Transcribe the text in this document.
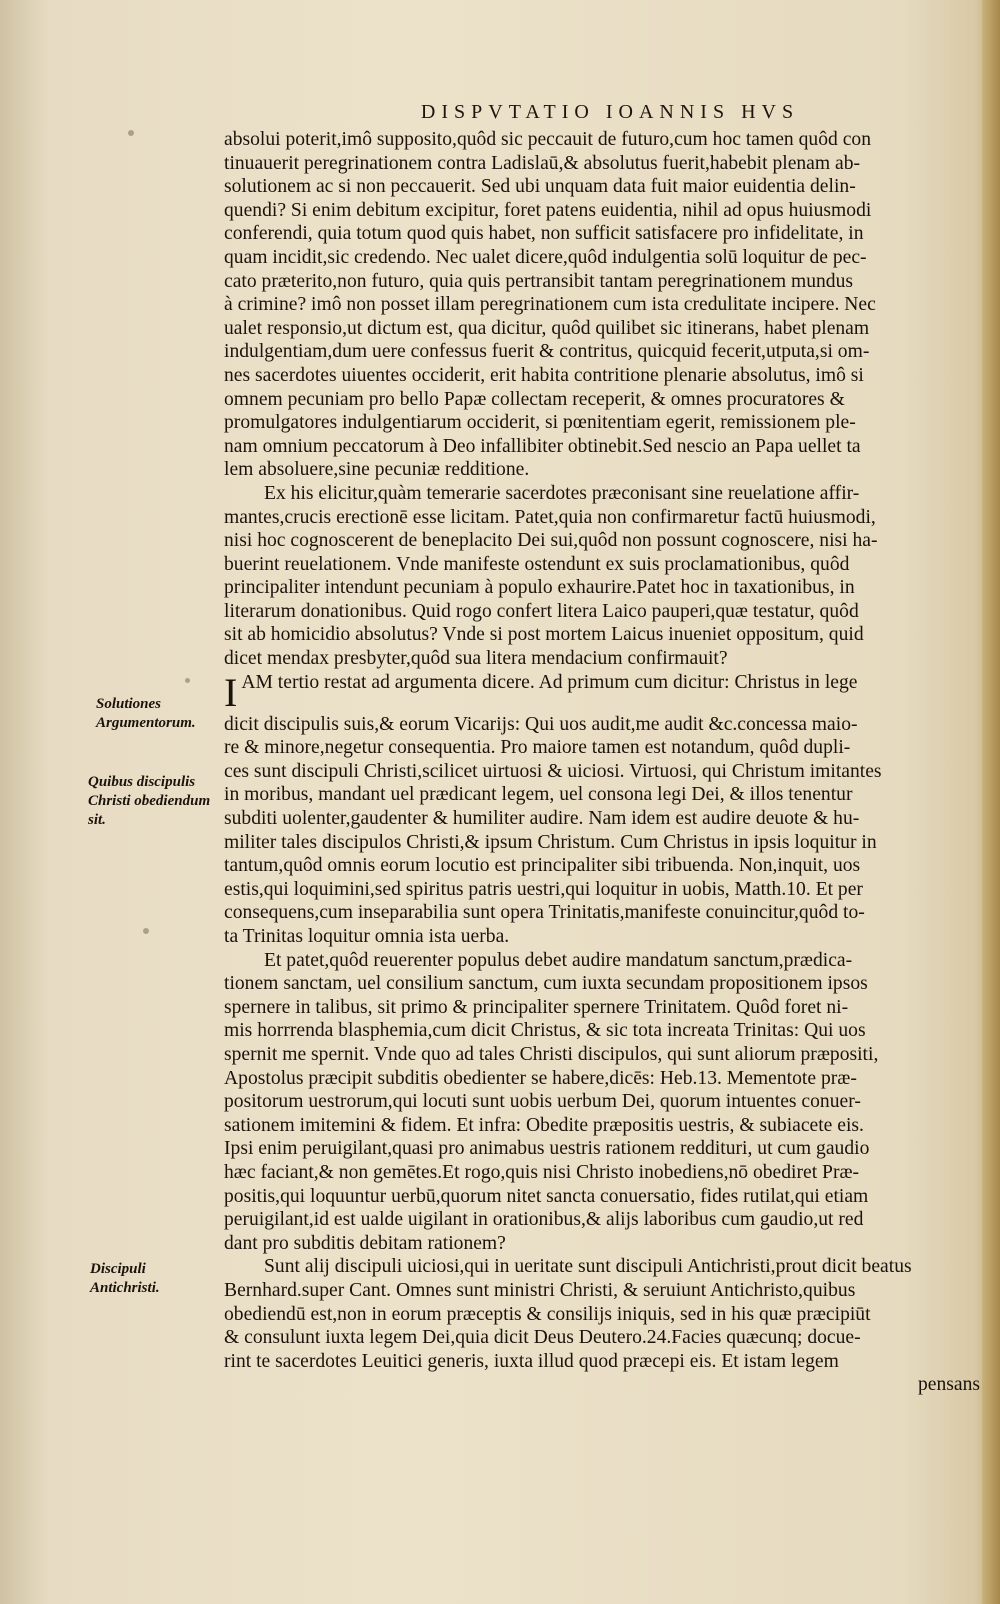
DISPVTATIO IOANNIS HVS
Solutiones Argumentorum.
Quibus discipulis Christi obediendum sit.
Discipuli Antichristi.
absolui poterit,imô supposito,quôd sic peccauit de futuro,cum hoc tamen quôd con
tinuauerit peregrinationem contra Ladislaū,& absolutus fuerit,habebit plenam ab-
solutionem ac si non peccauerit. Sed ubi unquam data fuit maior euidentia delin-
quendi? Si enim debitum excipitur, foret patens euidentia, nihil ad opus huiusmodi
conferendi, quia totum quod quis habet, non sufficit satisfacere pro infidelitate, in
quam incidit,sic credendo. Nec ualet dicere,quôd indulgentia solū loquitur de pec-
cato præterito,non futuro, quia quis pertransibit tantam peregrinationem mundus
à crimine? imô non posset illam peregrinationem cum ista credulitate incipere. Nec
ualet responsio,ut dictum est, qua dicitur, quôd quilibet sic itinerans, habet plenam
indulgentiam,dum uere confessus fuerit & contritus, quicquid fecerit,utputa,si om-
nes sacerdotes uiuentes occiderit, erit habita contritione plenarie absolutus, imô si
omnem pecuniam pro bello Papæ collectam receperit, & omnes procuratores &
promulgatores indulgentiarum occiderit, si pœnitentiam egerit, remissionem ple-
nam omnium peccatorum à Deo infallibiter obtinebit.Sed nescio an Papa uellet ta
lem absoluere,sine pecuniæ redditione.
Ex his elicitur,quàm temerarie sacerdotes præconisant sine reuelatione affir-
mantes,crucis erectionē esse licitam. Patet,quia non confirmaretur factū huiusmodi,
nisi hoc cognoscerent de beneplacito Dei sui,quôd non possunt cognoscere, nisi ha-
buerint reuelationem. Vnde manifeste ostendunt ex suis proclamationibus, quôd
principaliter intendunt pecuniam à populo exhaurire.Patet hoc in taxationibus, in
literarum donationibus. Quid rogo confert litera Laico pauperi,quæ testatur, quôd
sit ab homicidio absolutus? Vnde si post mortem Laicus inueniet oppositum, quid
dicet mendax presbyter,quôd sua litera mendacium confirmauit?
IAM tertio restat ad argumenta dicere. Ad primum cum dicitur: Christus in lege
dicit discipulis suis,& eorum Vicarijs: Qui uos audit,me audit &c.concessa maio-
re & minore,negetur consequentia. Pro maiore tamen est notandum, quôd dupli-
ces sunt discipuli Christi,scilicet uirtuosi & uiciosi. Virtuosi, qui Christum imitantes
in moribus, mandant uel prædicant legem, uel consona legi Dei, & illos tenentur
subditi uolenter,gaudenter & humiliter audire. Nam idem est audire deuote & hu-
militer tales discipulos Christi,& ipsum Christum. Cum Christus in ipsis loquitur in
tantum,quôd omnis eorum locutio est principaliter sibi tribuenda. Non,inquit, uos
estis,qui loquimini,sed spiritus patris uestri,qui loquitur in uobis, Matth.10. Et per
consequens,cum inseparabilia sunt opera Trinitatis,manifeste conuincitur,quôd to-
ta Trinitas loquitur omnia ista uerba.
Et patet,quôd reuerenter populus debet audire mandatum sanctum,prædica-
tionem sanctam, uel consilium sanctum, cum iuxta secundam propositionem ipsos
spernere in talibus, sit primo & principaliter spernere Trinitatem. Quôd foret ni-
mis horrrenda blasphemia,cum dicit Christus, & sic tota increata Trinitas: Qui uos
spernit me spernit. Vnde quo ad tales Christi discipulos, qui sunt aliorum præpositi,
Apostolus præcipit subditis obedienter se habere,dicēs: Heb.13. Mementote præ-
positorum uestrorum,qui locuti sunt uobis uerbum Dei, quorum intuentes conuer-
sationem imitemini & fidem. Et infra: Obedite præpositis uestris, & subiacete eis.
Ipsi enim peruigilant,quasi pro animabus uestris rationem reddituri, ut cum gaudio
hæc faciant,& non gemētes.Et rogo,quis nisi Christo inobediens,nō obediret Præ-
positis,qui loquuntur uerbū,quorum nitet sancta conuersatio, fides rutilat,qui etiam
peruigilant,id est ualde uigilant in orationibus,& alijs laboribus cum gaudio,ut red
dant pro subditis debitam rationem?
Sunt alij discipuli uiciosi,qui in ueritate sunt discipuli Antichristi,prout dicit beatus
Bernhard.super Cant. Omnes sunt ministri Christi, & seruiunt Antichristo,quibus
obediendū est,non in eorum præceptis & consilijs iniquis, sed in his quæ præcipiūt
& consulunt iuxta legem Dei,quia dicit Deus Deutero.24.Facies quæcunq; docue-
rint te sacerdotes Leuitici generis, iuxta illud quod præcepi eis. Et istam legem
pensans
